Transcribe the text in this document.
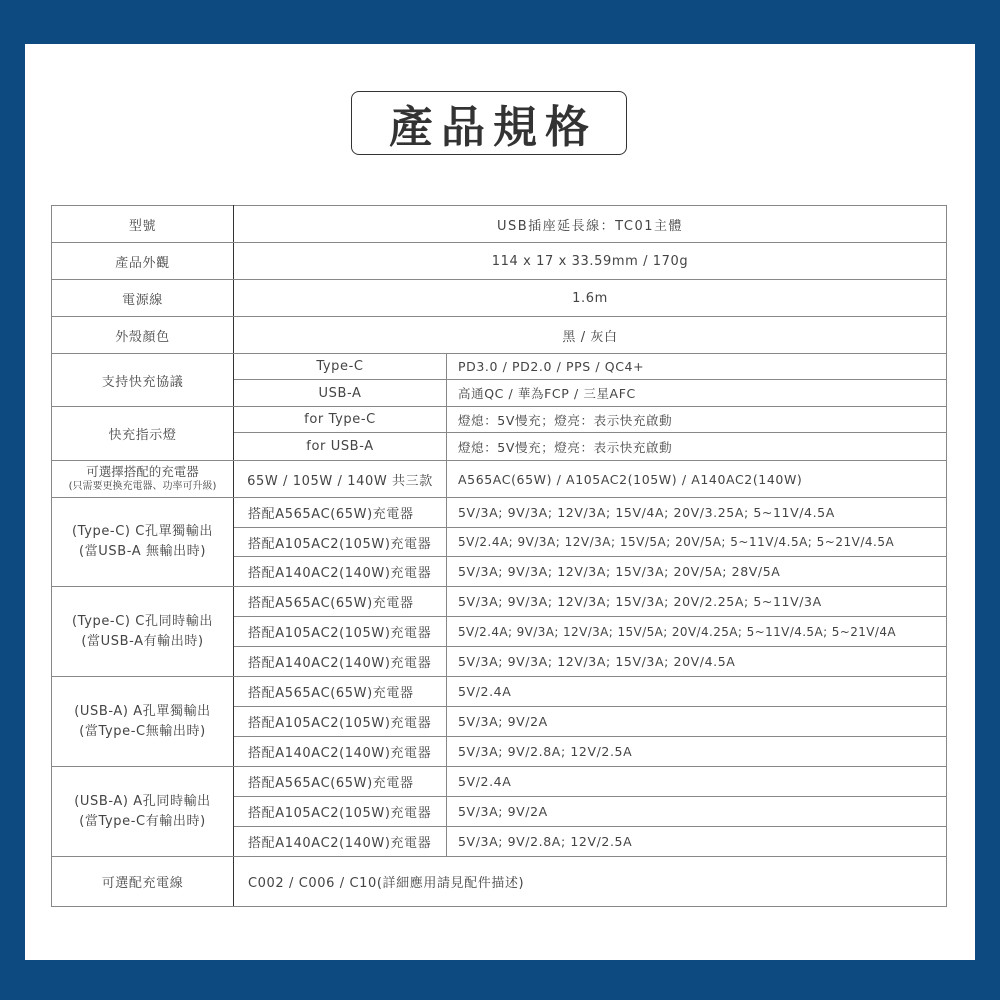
產品規格
型號	USB插座延長線：TC01主體	
產品外觀	114 x 17 x 33.59mm / 170g	
電源線	1.6m	
外殼顏色	黑 / 灰白	
支持快充協議	Type-C	PD3.0 / PD2.0 / PPS / QC4+
	USB-A	高通QC / 華為FCP / 三星AFC
快充指示燈	for Type-C	燈熄：5V慢充；燈亮：表示快充啟動
	for USB-A	燈熄：5V慢充；燈亮：表示快充啟動

可選擇搭配的充電器
(只需要更換充電器、功率可升級)	65W / 105W / 140W 共三款	A565AC(65W) / A105AC2(105W) / A140AC2(140W)

(Type-C) C孔單獨輸出
(當USB-A 無輸出時)	搭配A565AC(65W)充電器	5V/3A; 9V/3A; 12V/3A; 15V/4A; 20V/3.25A; 5~11V/4.5A
	搭配A105AC2(105W)充電器	5V/2.4A; 9V/3A; 12V/3A; 15V/5A; 20V/5A; 5~11V/4.5A; 5~21V/4.5A
	搭配A140AC2(140W)充電器	5V/3A; 9V/3A; 12V/3A; 15V/3A; 20V/5A; 28V/5A

(Type-C) C孔同時輸出
(當USB-A有輸出時)	搭配A565AC(65W)充電器	5V/3A; 9V/3A; 12V/3A; 15V/3A; 20V/2.25A; 5~11V/3A
	搭配A105AC2(105W)充電器	5V/2.4A; 9V/3A; 12V/3A; 15V/5A; 20V/4.25A; 5~11V/4.5A; 5~21V/4A
	搭配A140AC2(140W)充電器	5V/3A; 9V/3A; 12V/3A; 15V/3A; 20V/4.5A

(USB-A) A孔單獨輸出
(當Type-C無輸出時)	搭配A565AC(65W)充電器	5V/2.4A
	搭配A105AC2(105W)充電器	5V/3A; 9V/2A
	搭配A140AC2(140W)充電器	5V/3A; 9V/2.8A; 12V/2.5A

(USB-A) A孔同時輸出
(當Type-C有輸出時)	搭配A565AC(65W)充電器	5V/2.4A
	搭配A105AC2(105W)充電器	5V/3A; 9V/2A
	搭配A140AC2(140W)充電器	5V/3A; 9V/2.8A; 12V/2.5A
可選配充電線	C002 / C006 / C10(詳細應用請見配件描述)	
